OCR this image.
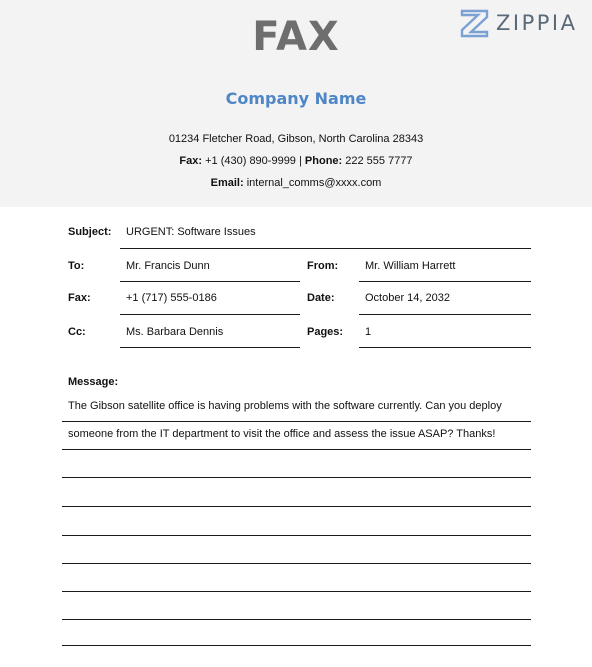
FAX
Company Name
01234 Fletcher Road, Gibson, North Carolina 28343
Fax: +1 (430) 890-9999 | Phone: 222 555 7777
Email: internal_comms@xxxx.com
ZIPPIA
Subject: URGENT: Software Issues
To:	Mr. Francis Dunn	From: Mr. William Harrett
Fax:	+1 (717) 555-0186	Date:	October 14, 2032
Cc:	Ms. Barbara Dennis	Pages: 1
Message:
The Gibson satellite office is having problems with the software currently. Can you deploy
someone from the IT department to visit the office and assess the issue ASAP? Thanks!
